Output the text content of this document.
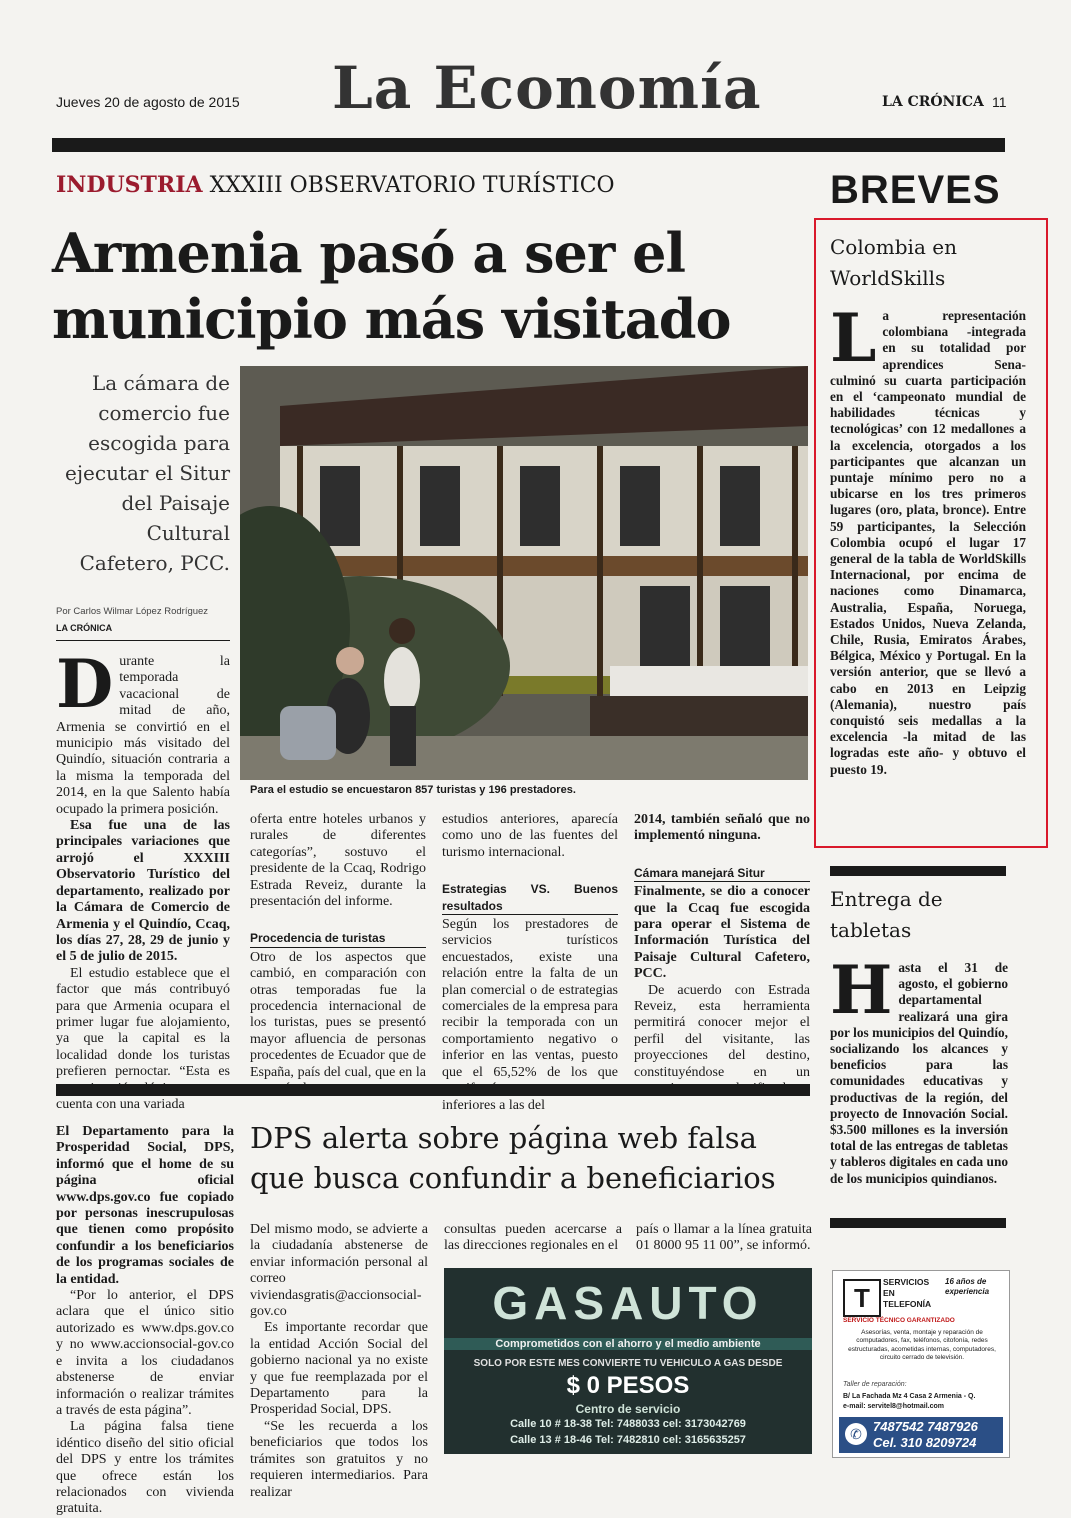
Jueves 20 de agosto de 2015 La Economía	LA CRÓNICA 11
INDUSTRIA XXXIII OBSERVATORIO TURÍSTICO
Armenia pasó a ser el
municipio más visitado
La cámara de comercio fue escogida para ejecutar el Situr del Paisaje Cultural Cafetero, PCC.
Por Carlos Wilmar López Rodríguez
LA CRÓNICA
Para el estudio se encuestaron 857 turistas y 196 prestadores.
D urante la temporada vacacional de mitad de año, Armenia se convirtió en el municipio más visitado del Quindío, situación contraria a la misma la temporada del 2014, en la que Salento había ocupado la primera posición.

Esa fue una de las principales variaciones que arrojó el XXXIII Observatorio Turístico del departamento, realizado por la Cámara de Comercio de Armenia y el Quindío, Ccaq, los días 27, 28, 29 de junio y el 5 de julio de 2015.

El estudio establece que el factor que más contribuyó para que Armenia ocupara el primer lugar fue alojamiento, ya que la capital es la localidad donde los turistas prefieren pernoctar. “Esta es cuenta con una variada

oferta entre hoteles urbanos y rurales de diferentes categorías”, sostuvo el presidente de la Ccaq, Rodrigo Estrada Reveiz, durante la presentación del informe.

Procedencia de turistas

Otro de los aspectos que cambió, en comparación con otras temporadas fue la procedencia internacional de los turistas, pues se presentó mayor afluencia de personas procedentes de Ecuador que de España, país del cual, que en la

estudios anteriores, aparecía como uno de las fuentes del turismo internacional.

Estrategias VS. Buenos resultados

Según los prestadores de servicios turísticos encuestados, existe una relación entre la falta de un plan comercial o de estrategias comerciales de la empresa para recibir la temporada con un comportamiento negativo o inferior en las ventas, puesto que el 65,52% de los que inferiores a las del

2014, también señaló que no implementó ninguna.

Cámara manejará Situr

Finalmente, se dio a conocer que la Ccaq fue escogida para operar el Sistema de Información Turística del Paisaje Cultural Cafetero, PCC.

De acuerdo con Estrada Reveiz, esta herramienta permitirá conocer mejor el perfil del visitante, las proyecciones del destino, constituyéndose en un

BREVES
Colombia en
WorldSkills
L a representación colombiana -integrada en su totalidad por aprendices Sena- culminó su cuarta participación en el ‘campeonato mundial de habilidades técnicas y tecnológicas’ con 12 medallones a la excelencia, otorgados a los participantes que alcanzan un puntaje mínimo pero no a ubicarse en los tres primeros lugares (oro, plata, bronce). Entre 59 participantes, la Selección Colombia ocupó el lugar 17 general de la tabla de WorldSkills Internacional, por encima de naciones como Dinamarca, Australia, España, Noruega, Estados Unidos, Nueva Zelanda, Chile, Rusia, Emiratos Árabes, Bélgica, México y Portugal. En la versión anterior, que se llevó a cabo en 2013 en Leipzig (Alemania), nuestro país conquistó seis medallas a la excelencia -la mitad de las logradas este año- y obtuvo el puesto 19.

Entrega de
tabletas
H asta el 31 de agosto, el gobierno departamental realizará una gira por los municipios del Quindío, socializando los alcances y beneficios para las comunidades educativas y productivas de la región, del proyecto de Innovación Social. $3.500 millones es la inversión total de las entregas de tabletas y tableros digitales en cada uno de los municipios quindianos.

El Departamento para la Prosperidad Social, DPS, informó que el home de su página oficial www.dps.gov.co fue copiado por personas inescrupulosas que tienen como propósito confundir a los beneficiarios de los programas sociales de la entidad.

“Por lo anterior, el DPS aclara que el único sitio autorizado es www.dps.gov.co y no www.accionsocial-gov.co e invita a los ciudadanos abstenerse de enviar información o realizar trámites a través de esta página”.

La página falsa tiene idéntico diseño del sitio oficial del DPS y entre los trámites que ofrece están los relacionados con vivienda gratuita.

DPS alerta sobre página web falsa
que busca confundir a beneficiarios

Del mismo modo, se advierte a la ciudadanía abstenerse de enviar información personal al correo viviendasgratis@accionsocial-gov.co

Es importante recordar que la entidad Acción Social del gobierno nacional ya no existe y que fue reemplazada por el Departamento para la Prosperidad Social, DPS.

“Se les recuerda a los beneficiarios que todos los trámites son gratuitos y no requieren intermediarios. Para realizar

consultas pueden acercarse a las direcciones regionales en el

país o llamar a la línea gratuita 01 8000 95 11 00”, se informó.

GASAUTO
Comprometidos con el ahorro y el medio ambiente
SOLO POR ESTE MES CONVIERTE TU VEHICULO A GAS DESDE
$ 0 PESOS
Centro de servicio
Calle 10 # 18-38 Tel: 7488033 cel: 3173042769
Calle 13 # 18-46 Tel: 7482810 cel: 3165635257
T
SERVICIOS
EN
TELEFONÍA
16 años de experiencia
SERVICIO TÉCNICO GARANTIZADO
Asesorías, venta, montaje y reparación de computadores, fax, teléfonos, citofonía, redes estructuradas, acometidas internas, computadores, circuito cerrado de televisión.
Taller de reparación:
B/ La Fachada Mz 4 Casa 2 Armenia - Q.
e-mail: servitel8@hotmail.com
✆ 7487542 7487926
Cel. 310 8209724
